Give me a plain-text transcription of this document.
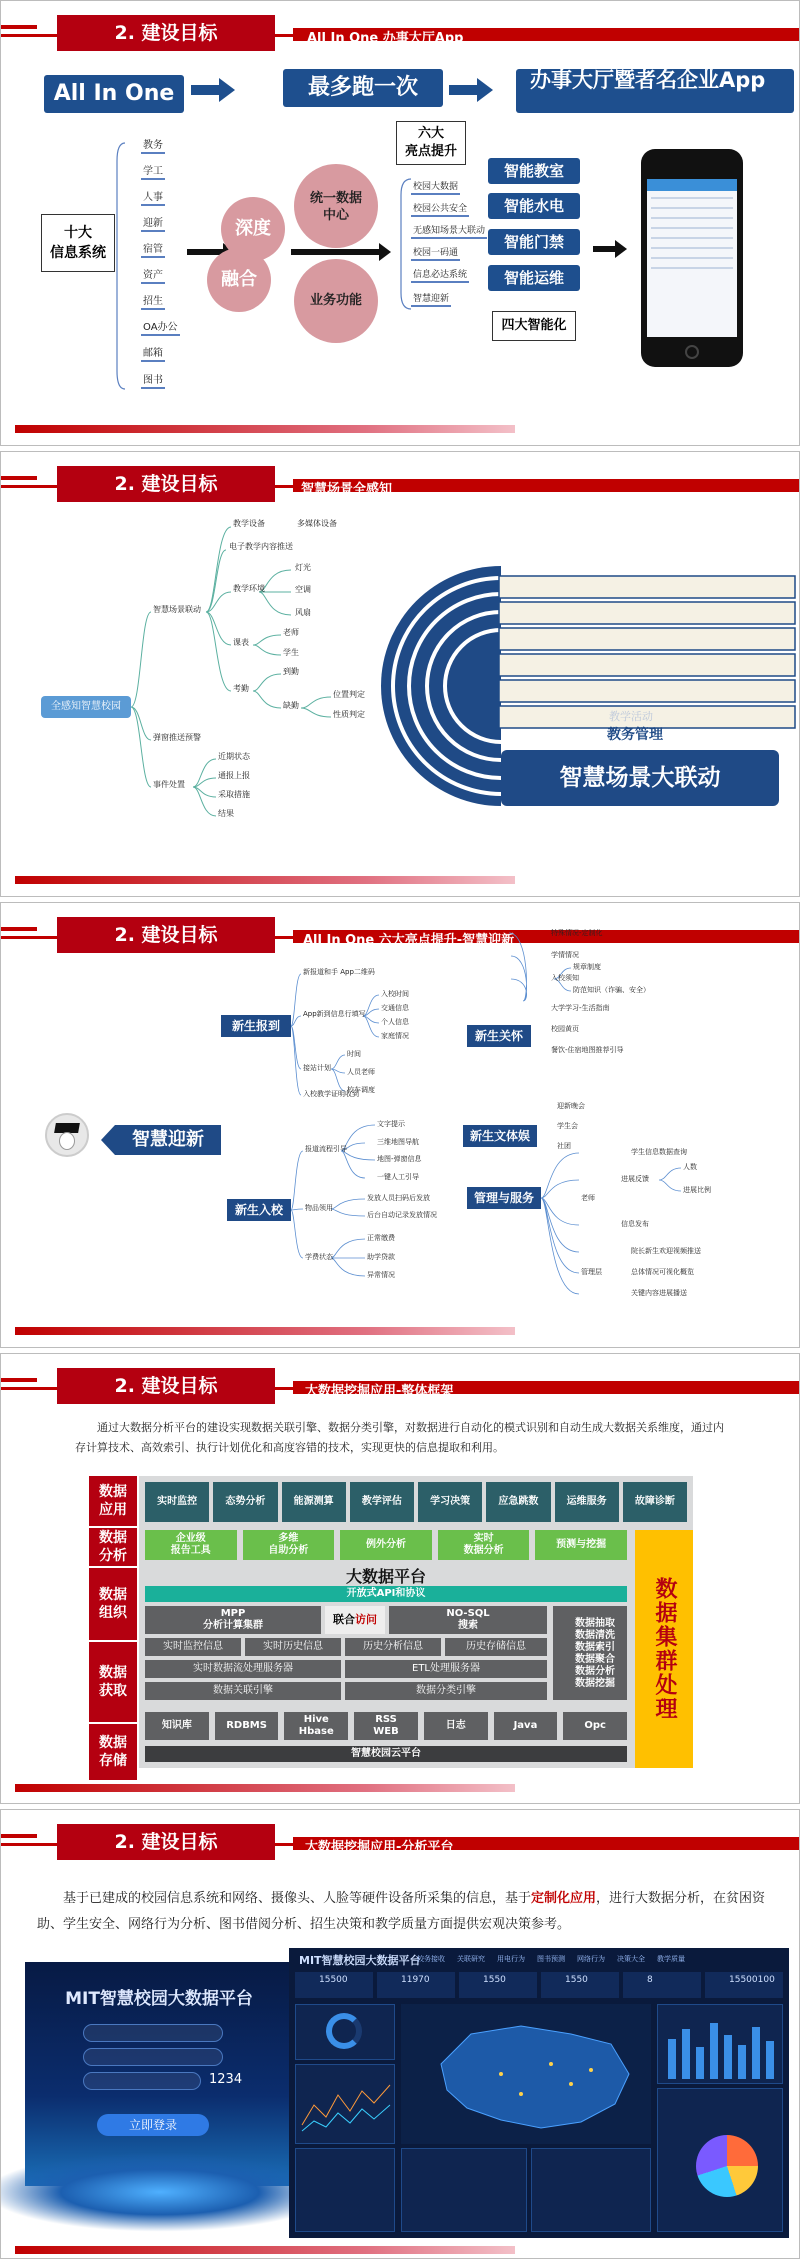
2. 建设目标	All In One 办事大厅App
All In One	最多跑一次	办事大厅暨者名企业App
六大
亮点提升
十大
信息系统
教务
学工
人事
迎新
宿管
资产
招生
OA办公
邮箱
图书
深度
融合
统一数据
中心
业务功能
校园大数据
校园公共安全
无感知场景大联动
校园一码通
信息必达系统
智慧迎新
智能教室
智能水电
智能门禁
智能运维
四大智能化
2. 建设目标	智慧场景全感知
全感知智慧校园
智慧场景联动
教学设备	多媒体设备
电子教学内容推送
教学环境
灯光
空调
风扇
课表
老师
学生
考勤
到勤
缺勤
位置判定
性质判定
弹窗推送预警
事件处置
近期状态
通报上报
采取措施
结果
教学活动
教务管理
智慧场景大联动
2. 建设目标	All In One 六大亮点提升-智慧迎新
智慧迎新
新生报到
新报道和手 App二维码
App新到信息行填写
入校时间
交通信息
个人信息
家庭情况
接站计划
时间
人员老师
校车调度
入校教学证明收到
新生入校
报道流程引导
文字提示
三维地图导航
地图-弹窗信息
一键人工引导
物品领用
发放人员扫码后发放
后台自动记录发放情况
学费状态
正常缴费
助学贷款
异常情况
新生关怀
特殊情况-定制化
学情情况
入校须知
规章制度
防范知识（诈骗、安全）
大学学习-生活指南
校园黄页
餐饮-住宿地图推荐引导
新生文体娱
迎新晚会
学生会
社团
管理与服务	老师
学生信息数据查询
进展反馈
人数
进展比例
信息发布
管理层
院长新生欢迎视频推送
总体情况可视化概览
关键内容进展播送
2. 建设目标	大数据挖掘应用-整体框架
通过大数据分析平台的建设实现数据关联引擎、数据分类引擎，对数据进行自动化的模式识别和自动生成大数据关系维度，通过内存计算技术、高效索引、执行计划优化和高度容错的技术，实现更快的信息提取和利用。
数据
应用
数据
分析
数据
组织
数据
获取
数据
存储
实时监控	态势分析	能源测算	教学评估	学习决策	应急跳数	运维服务	故障诊断
企业级
报告工具
多维
自助分析
例外分析
实时
数据分析
预测与挖掘
大数据平台
开放式API和协议
MPP
分析计算集群	联合访问	NO-SQL
搜索
实时监控信息	实时历史信息	历史分析信息	历史存储信息
实时数据流处理服务器	ETL处理服务器
数据关联引擎	数据分类引擎
数据抽取
数据清洗
数据索引
数据聚合
数据分析
数据挖掘
知识库	RDBMS
Hive
Hbase
RSS
WEB
日志	Java	Opc
智慧校园云平台
数据集群处理
2. 建设目标	大数据挖掘应用-分析平台
基于已建成的校园信息系统和网络、摄像头、人脸等硬件设备所采集的信息，基于定制化应用，进行大数据分析，在贫困资助、学生安全、网络行为分析、图书借阅分析、招生决策和教学质量方面提供宏观决策参考。
MIT智慧校园大数据平台
1234
立即登录
MIT智慧校园大数据平台
校务接收 关联研究 用电行为 图书预测 网络行为 决策大全 教学质量
15500	11970	1550	1550	8	15500100
